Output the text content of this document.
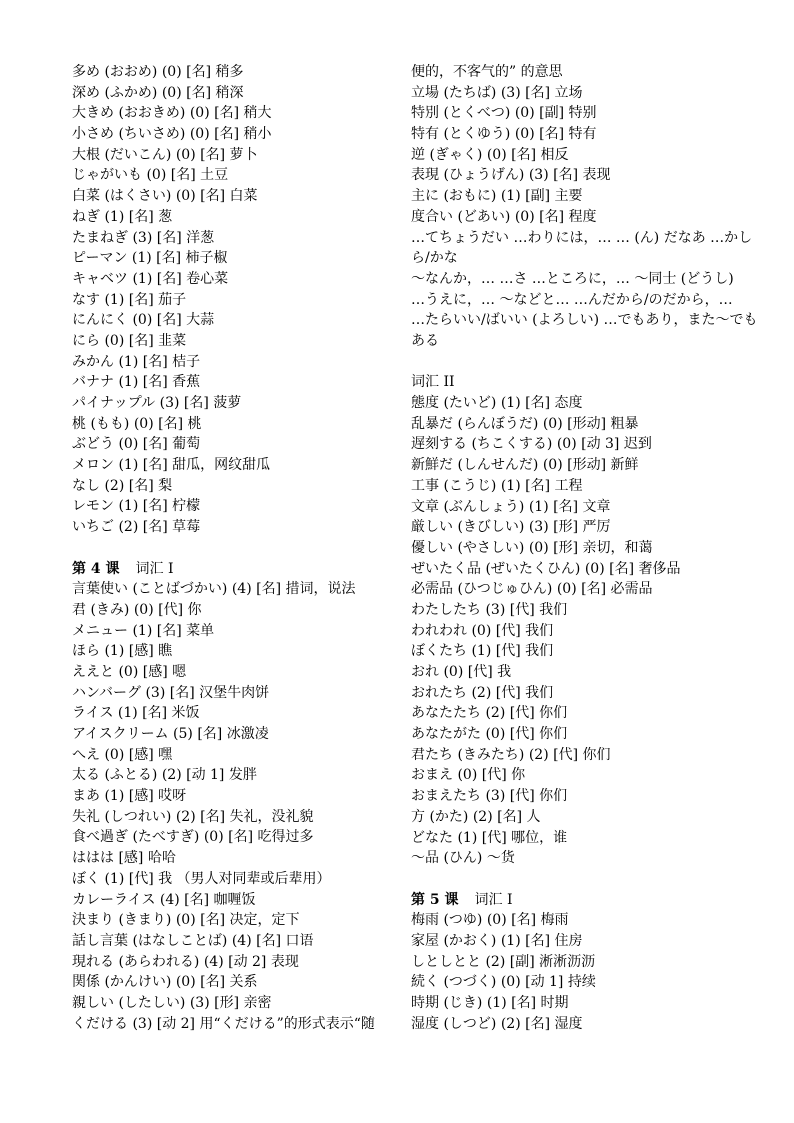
多め (おおめ) (0) [名] 稍多
深め (ふかめ) (0) [名] 稍深
大きめ (おおきめ) (0) [名] 稍大
小さめ (ちいさめ) (0) [名] 稍小
大根 (だいこん) (0) [名] 萝卜
じゃがいも (0) [名] 土豆
白菜 (はくさい) (0) [名] 白菜
ねぎ (1) [名] 葱
たまねぎ (3) [名] 洋葱
ピーマン (1) [名] 柿子椒
キャベツ (1) [名] 卷心菜
なす (1) [名] 茄子
にんにく (0) [名] 大蒜
にら (0) [名] 韭菜
みかん (1) [名] 桔子
バナナ (1) [名] 香蕉
パイナップル (3) [名] 菠萝
桃 (もも) (0) [名] 桃
ぶどう (0) [名] 葡萄
メロン (1) [名] 甜瓜，网纹甜瓜
なし (2) [名] 梨
レモン (1) [名] 柠檬
いちご (2) [名] 草莓
第 4 课 词汇 I
言葉使い (ことばづかい) (4) [名] 措词，说法
君 (きみ) (0) [代] 你
メニュー (1) [名] 菜单
ほら (1) [感] 瞧
ええと (0) [感] 嗯
ハンバーグ (3) [名] 汉堡牛肉饼
ライス (1) [名] 米饭
アイスクリーム (5) [名] 冰激凌
へえ (0) [感] 嘿
太る (ふとる) (2) [动 1] 发胖
まあ (1) [感] 哎呀
失礼 (しつれい) (2) [名] 失礼，没礼貌
食べ過ぎ (たべすぎ) (0) [名] 吃得过多
ははは [感] 哈哈
ぼく (1) [代] 我 （男人对同辈或后辈用）
カレーライス (4) [名] 咖喱饭
決まり (きまり) (0) [名] 决定，定下
話し言葉 (はなしことば) (4) [名] 口语
現れる (あらわれる) (4) [动 2] 表现
関係 (かんけい) (0) [名] 关系
親しい (したしい) (3) [形] 亲密
くだける (3) [动 2] 用“くだける”的形式表示“随
便的，不客气的” 的意思
立場 (たちば) (3) [名] 立场
特別 (とくべつ) (0) [副] 特别
特有 (とくゆう) (0) [名] 特有
逆 (ぎゃく) (0) [名] 相反
表現 (ひょうげん) (3) [名] 表现
主に (おもに) (1) [副] 主要
度合い (どあい) (0) [名] 程度
…てちょうだい …わりには，… … (ん) だなあ …かしら/かな
～なんか，… …さ …ところに，… ～同士 (どうし)
…うえに，… ～などと… …んだから/のだから，…
…たらいい/ばいい (よろしい) …でもあり，また～でもある
词汇 II
態度 (たいど) (1) [名] 态度
乱暴だ (らんぼうだ) (0) [形动] 粗暴
遅刻する (ちこくする) (0) [动 3] 迟到
新鮮だ (しんせんだ) (0) [形动] 新鲜
工事 (こうじ) (1) [名] 工程
文章 (ぶんしょう) (1) [名] 文章
厳しい (きびしい) (3) [形] 严厉
優しい (やさしい) (0) [形] 亲切，和蔼
ぜいたく品 (ぜいたくひん) (0) [名] 奢侈品
必需品 (ひつじゅひん) (0) [名] 必需品
わたしたち (3) [代] 我们
われわれ (0) [代] 我们
ぼくたち (1) [代] 我们
おれ (0) [代] 我
おれたち (2) [代] 我们
あなたたち (2) [代] 你们
あなたがた (0) [代] 你们
君たち (きみたち) (2) [代] 你们
おまえ (0) [代] 你
おまえたち (3) [代] 你们
方 (かた) (2) [名] 人
どなた (1) [代] 哪位，谁
～品 (ひん) ～货
第 5 课 词汇 I
梅雨 (つゆ) (0) [名] 梅雨
家屋 (かおく) (1) [名] 住房
しとしとと (2) [副] 淅淅沥沥
続く (つづく) (0) [动 1] 持续
時期 (じき) (1) [名] 时期
湿度 (しつど) (2) [名] 湿度
